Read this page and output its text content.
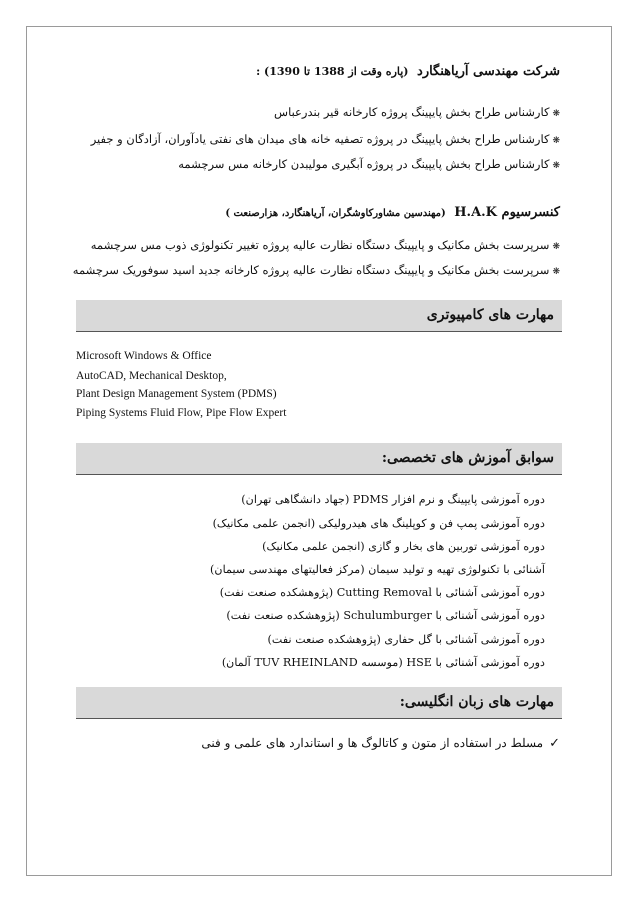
شرکت مهندسی آریاهنگارد (پاره وقت از 1388 تا 1390) :
❋کارشناس طراح بخش پایپینگ پروژه کارخانه قیر بندرعباس
❋کارشناس طراح بخش پایپینگ در پروژه تصفیه خانه های میدان های نفتی یادآوران، آزادگان و جفیر
❋کارشناس طراح بخش پایپینگ در پروژه آبگیری مولیبدن کارخانه مس سرچشمه
کنسرسیوم H.A.K (مهندسین مشاورکاوشگران، آریاهنگارد، هزارصنعت )
❋سرپرست بخش مکانیک و پایپینگ دستگاه نظارت عالیه پروژه تغییر تکنولوژی ذوب مس سرچشمه
❋سرپرست بخش مکانیک و پایپینگ دستگاه نظارت عالیه پروژه کارخانه جدید اسید سوفوریک سرچشمه
مهارت های کامپیوتری
Microsoft Windows & Office
AutoCAD, Mechanical Desktop,
Plant Design Management System (PDMS)
Piping Systems Fluid Flow, Pipe Flow Expert
سوابق آموزش های تخصصی:
دوره آموزشی پایپینگ و نرم افزار PDMS (جهاد دانشگاهی تهران)
دوره آموزشی پمپ فن و کوپلینگ های هیدرولیکی (انجمن علمی مکانیک)
دوره آموزشی توربین های بخار و گازی (انجمن علمی مکانیک)
آشنائی با تکنولوژی تهیه و تولید سیمان (مرکز فعالیتهای مهندسی سیمان)
دوره آموزشی آشنائی با Cutting Removal (پژوهشکده صنعت نفت)
دوره آموزشی آشنائی با Schulumburger (پژوهشکده صنعت نفت)
دوره آموزشی آشنائی با گل حفاری (پژوهشکده صنعت نفت)
دوره آموزشی آشنائی با HSE (موسسه TUV RHEINLAND آلمان)
مهارت های زبان انگلیسی:
✓مسلط در استفاده از متون و کاتالوگ ها و استاندارد های علمی و فنی
